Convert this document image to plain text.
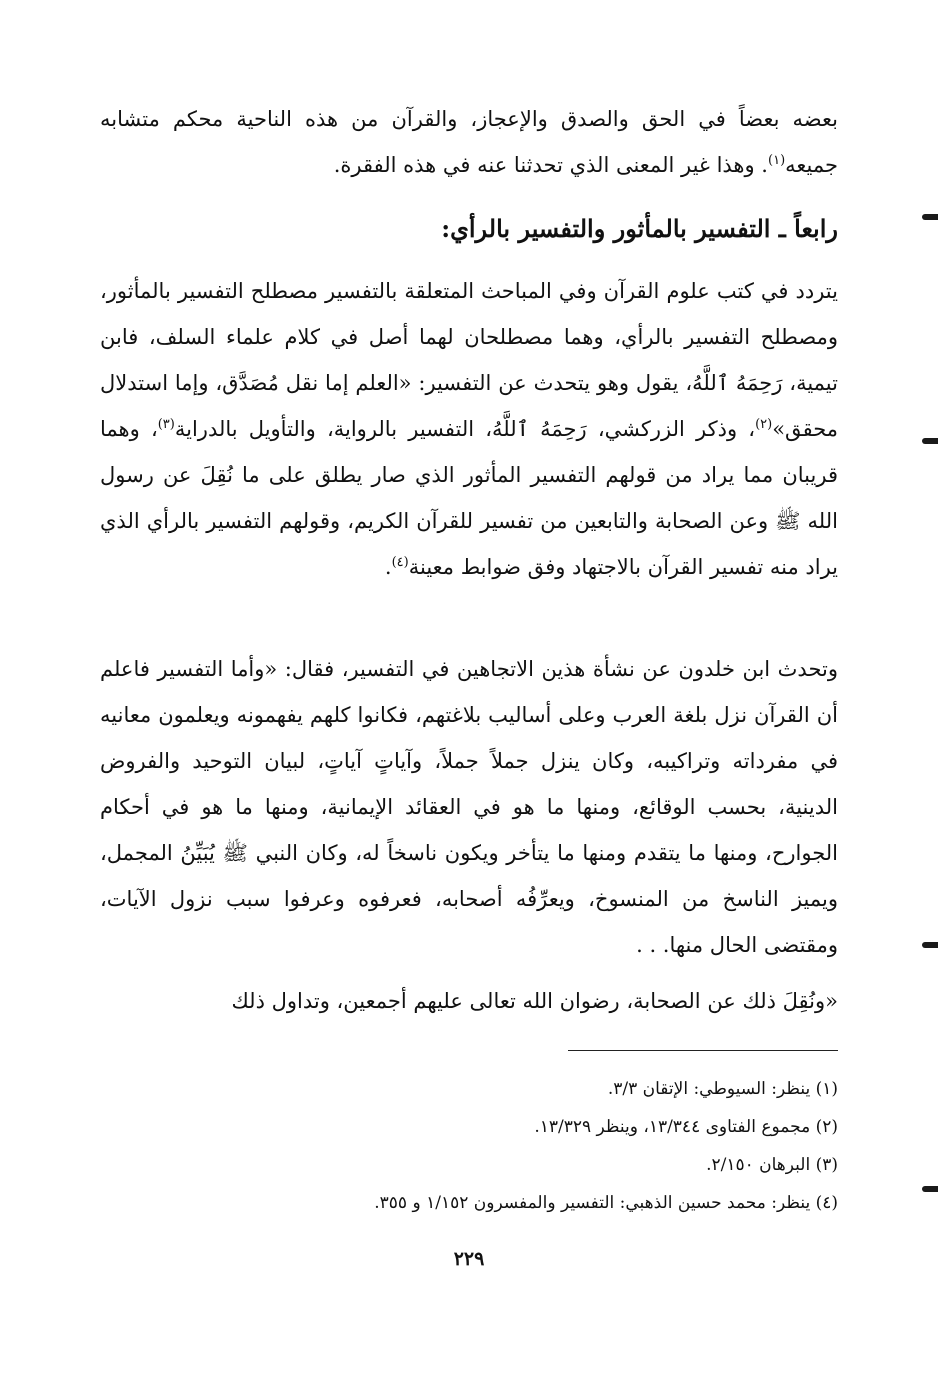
بعضه بعضاً في الحق والصدق والإعجاز، والقرآن من هذه الناحية محكم متشابه جميعه$^{(١)}$. وهذا غير المعنى الذي تحدثنا عنه في هذه الفقرة.
رابعاً ـ التفسير بالمأثور والتفسير بالرأي:
يتردد في كتب علوم القرآن وفي المباحث المتعلقة بالتفسير مصطلح التفسير بالمأثور، ومصطلح التفسير بالرأي، وهما مصطلحان لهما أصل في كلام علماء السلف، فابن تيمية، رَحِمَهُ ٱللَّهُ، يقول وهو يتحدث عن التفسير: «العلم إما نقل مُصَدَّق، وإما استدلال محقق»$^{(٢)}$، وذكر الزركشي، رَحِمَهُ ٱللَّهُ، التفسير بالرواية، والتأويل بالدراية$^{(٣)}$، وهما قريبان مما يراد من قولهم التفسير المأثور الذي صار يطلق على ما نُقِلَ عن رسول الله ﷺ وعن الصحابة والتابعين من تفسير للقرآن الكريم، وقولهم التفسير بالرأي الذي يراد منه تفسير القرآن بالاجتهاد وفق ضوابط معينة$^{(٤)}$.
وتحدث ابن خلدون عن نشأة هذين الاتجاهين في التفسير، فقال: «وأما التفسير فاعلم أن القرآن نزل بلغة العرب وعلى أساليب بلاغتهم، فكانوا كلهم يفهمونه ويعلمون معانيه في مفرداته وتراكيبه، وكان ينزل جملاً جملاً، وآياتٍ آياتٍ، لبيان التوحيد والفروض الدينية، بحسب الوقائع، ومنها ما هو في العقائد الإيمانية، ومنها ما هو في أحكام الجوارح، ومنها ما يتقدم ومنها ما يتأخر ويكون ناسخاً له، وكان النبي ﷺ يُبَيِّنُ المجمل، ويميز الناسخ من المنسوخ، ويعرِّفُه أصحابه، فعرفوه وعرفوا سبب نزول الآيات، ومقتضى الحال منها. . .
«ونُقِلَ ذلك عن الصحابة، رضوان الله تعالى عليهم أجمعين، وتداول ذلك
(١) ينظر: السيوطي: الإتقان ٣/٣.
(٢) مجموع الفتاوى ١٣/٣٤٤، وينظر ١٣/٣٢٩.
(٣) البرهان ٢/١٥٠.
(٤) ينظر: محمد حسين الذهبي: التفسير والمفسرون ١/١٥٢ و ٣٥٥.
٢٢٩
